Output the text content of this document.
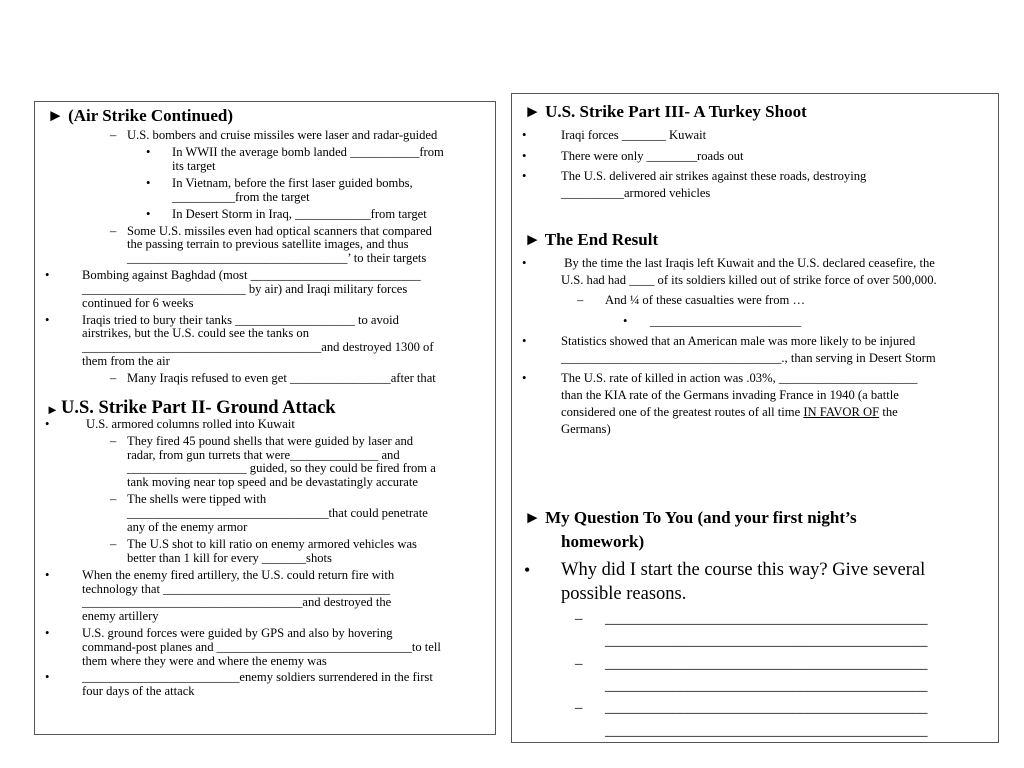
► (Air Strike Continued)
– U.S. bombers and cruise missiles were laser and radar-guided
• In WWII the average bomb landed ___________from
its target
• In Vietnam, before the first laser guided bombs,
__________from the target
• In Desert Storm in Iraq, ____________from target
– Some U.S. missiles even had optical scanners that compared
the passing terrain to previous satellite images, and thus
___________________________________’ to their targets
•	Bombing against Baghdad (most ___________________________
__________________________ by air) and Iraqi military forces
continued for 6 weeks
•	Iraqis tried to bury their tanks ___________________ to avoid
airstrikes, but the U.S. could see the tanks on
______________________________________and destroyed 1300 of
them from the air
– Many Iraqis refused to even get ________________after that
► U.S. Strike Part II- Ground Attack
•	U.S. armored columns rolled into Kuwait
– They fired 45 pound shells that were guided by laser and
radar, from gun turrets that were______________ and
___________________ guided, so they could be fired from a
tank moving near top speed and be devastatingly accurate
– The shells were tipped with
________________________________that could penetrate
any of the enemy armor
– The U.S shot to kill ratio on enemy armored vehicles was
better than 1 kill for every _______shots
•	When the enemy fired artillery, the U.S. could return fire with
technology that ____________________________________
___________________________________and destroyed the
enemy artillery
•	U.S. ground forces were guided by GPS and also by hovering
command-post planes and _______________________________to tell
them where they were and where the enemy was
•	_________________________enemy soldiers surrendered in the first
four days of the attack
► U.S. Strike Part III- A Turkey Shoot
•	Iraqi forces _______ Kuwait
•	There were only ________roads out
•	The U.S. delivered air strikes against these roads, destroying
__________armored vehicles
► The End Result
•	By the time the last Iraqis left Kuwait and the U.S. declared ceasefire, the
U.S. had had ____ of its soldiers killed out of strike force of over 500,000.
– And ¼ of these casualties were from …
• ________________________
•	Statistics showed that an American male was more likely to be injured
___________________________________., than serving in Desert Storm
•	The U.S. rate of killed in action was .03%, ______________________
than the KIA rate of the Germans invading France in 1940 (a battle
considered one of the greatest routes of all time IN FAVOR OF the
Germans)
► My Question To You (and your first night’s
homework)
• Why did I start the course this way? Give several
possible reasons.
– ___________________________________________
___________________________________________
– ___________________________________________
___________________________________________
– ___________________________________________
___________________________________________
